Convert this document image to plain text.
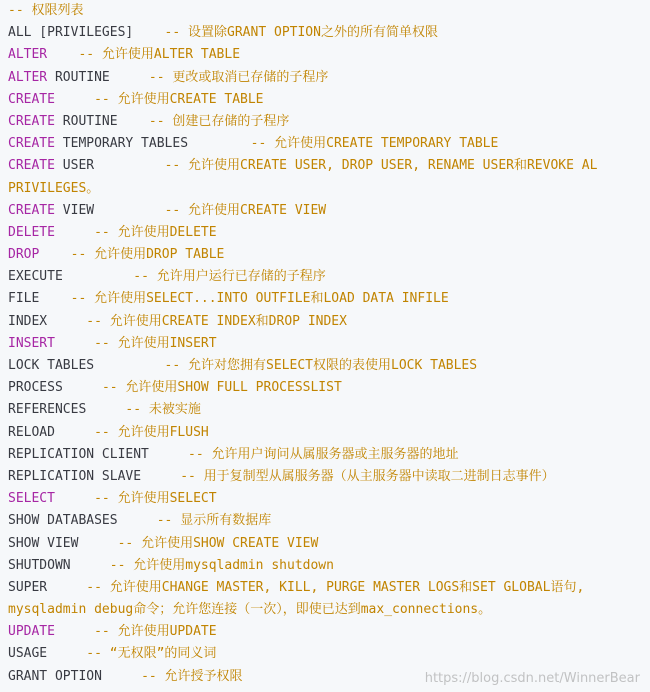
-- 权限列表
ALL [PRIVILEGES] -- 设置除GRANT OPTION之外的所有简单权限
ALTER -- 允许使用ALTER TABLE
ALTER ROUTINE	-- 更改或取消已存储的子程序
CREATE	-- 允许使用CREATE TABLE
CREATE ROUTINE -- 创建已存储的子程序
CREATE TEMPORARY TABLES	-- 允许使用CREATE TEMPORARY TABLE
CREATE USER	-- 允许使用CREATE USER, DROP USER, RENAME USER和REVOKE AL
PRIVILEGES。
CREATE VIEW	-- 允许使用CREATE VIEW
DELETE	-- 允许使用DELETE
DROP -- 允许使用DROP TABLE
EXECUTE	-- 允许用户运行已存储的子程序
FILE -- 允许使用SELECT...INTO OUTFILE和LOAD DATA INFILE
INDEX	-- 允许使用CREATE INDEX和DROP INDEX
INSERT	-- 允许使用INSERT
LOCK TABLES	-- 允许对您拥有SELECT权限的表使用LOCK TABLES
PROCESS	-- 允许使用SHOW FULL PROCESSLIST
REFERENCES	-- 未被实施
RELOAD	-- 允许使用FLUSH
REPLICATION CLIENT	-- 允许用户询问从属服务器或主服务器的地址
REPLICATION SLAVE	-- 用于复制型从属服务器（从主服务器中读取二进制日志事件）
SELECT	-- 允许使用SELECT
SHOW DATABASES	-- 显示所有数据库
SHOW VIEW	-- 允许使用SHOW CREATE VIEW
SHUTDOWN	-- 允许使用mysqladmin shutdown
SUPER	-- 允许使用CHANGE MASTER, KILL, PURGE MASTER LOGS和SET GLOBAL语句,
mysqladmin debug命令；允许您连接（一次），即使已达到max_connections。
UPDATE	-- 允许使用UPDATE
USAGE	-- “无权限”的同义词
GRANT OPTION	-- 允许授予权限	https://blog.csdn.net/WinnerBear
